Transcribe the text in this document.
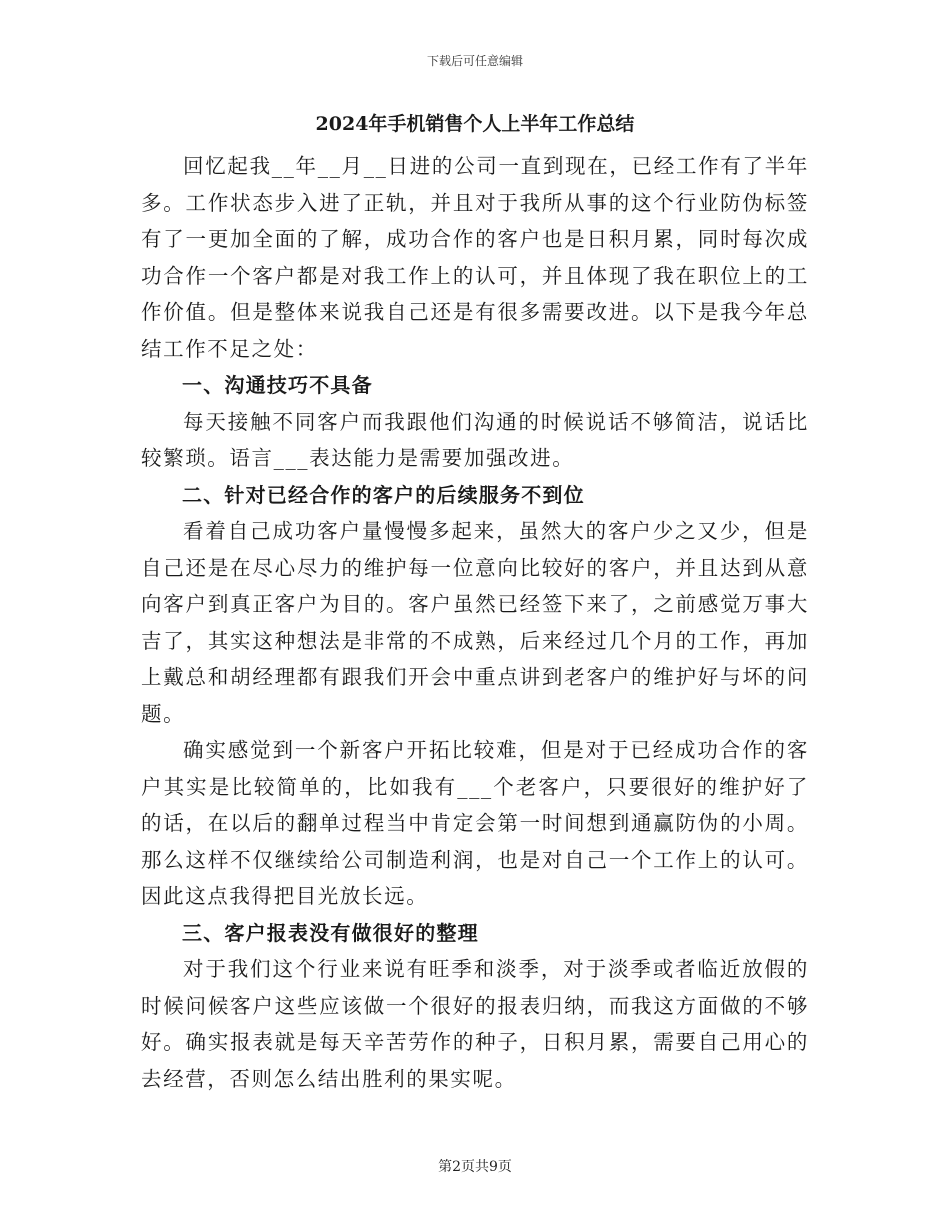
下载后可任意编辑
2024年手机销售个人上半年工作总结

回忆起我__年__月__日进的公司一直到现在，已经工作有了半年多。工作状态步入进了正轨，并且对于我所从事的这个行业防伪标签有了一更加全面的了解，成功合作的客户也是日积月累，同时每次成功合作一个客户都是对我工作上的认可，并且体现了我在职位上的工作价值。但是整体来说我自己还是有很多需要改进。以下是我今年总结工作不足之处：

一、沟通技巧不具备

每天接触不同客户而我跟他们沟通的时候说话不够简洁，说话比较繁琐。语言___表达能力是需要加强改进。

二、针对已经合作的客户的后续服务不到位

看着自己成功客户量慢慢多起来，虽然大的客户少之又少，但是自己还是在尽心尽力的维护每一位意向比较好的客户，并且达到从意向客户到真正客户为目的。客户虽然已经签下来了，之前感觉万事大吉了，其实这种想法是非常的不成熟，后来经过几个月的工作，再加上戴总和胡经理都有跟我们开会中重点讲到老客户的维护好与坏的问题。

确实感觉到一个新客户开拓比较难，但是对于已经成功合作的客户其实是比较简单的，比如我有___个老客户，只要很好的维护好了的话，在以后的翻单过程当中肯定会第一时间想到通赢防伪的小周。那么这样不仅继续给公司制造利润，也是对自己一个工作上的认可。因此这点我得把目光放长远。

三、客户报表没有做很好的整理

对于我们这个行业来说有旺季和淡季，对于淡季或者临近放假的时候问候客户这些应该做一个很好的报表归纳，而我这方面做的不够好。确实报表就是每天辛苦劳作的种子，日积月累，需要自己用心的去经营，否则怎么结出胜利的果实呢。

第2页共9页
